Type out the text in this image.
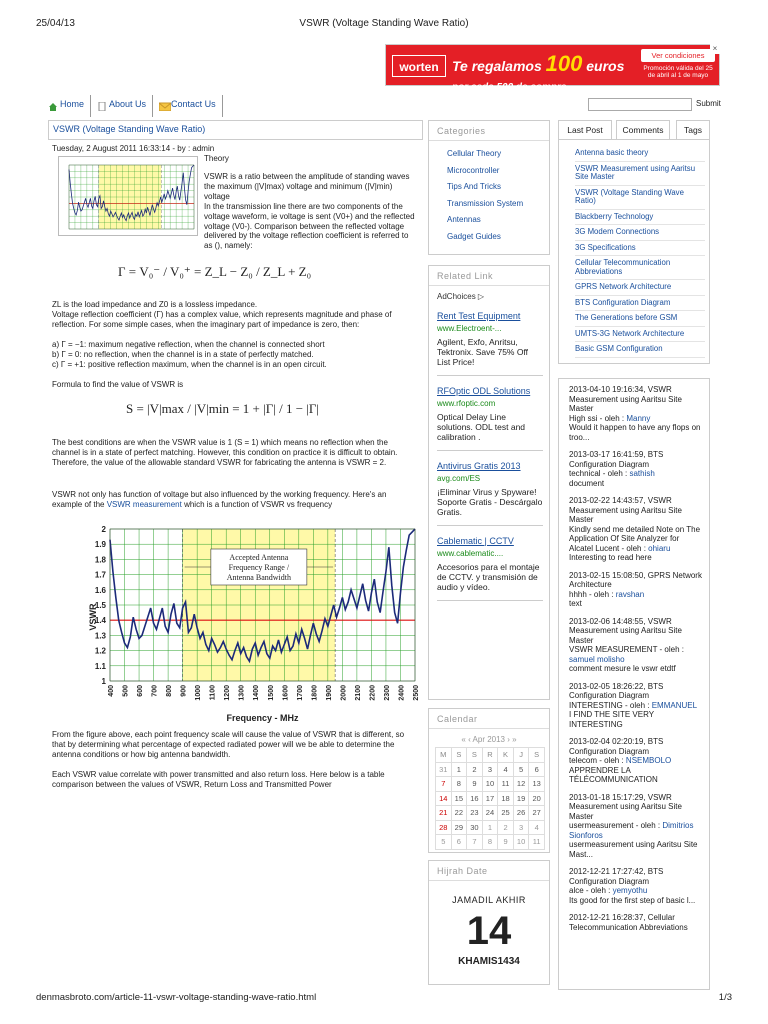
25/04/13	VSWR (Voltage Standing Wave Ratio)
worten Te regalamos 100 euros
por cada 500 de compra
Ver condiciones
Promoción válida del 25 de abril al 1 de mayo
×
Home	About Us	Contact Us	Submit
VSWR (Voltage Standing Wave Ratio)
Tuesday, 2 August 2011 16:33:14 - by : admin
Theory
VSWR is a ratio between the amplitude of standing waves the maximum (|V|max) voltage and minimum (|V|min) voltage
In the transmission line there are two components of the voltage waveform, ie voltage is sent (V0+) and the reflected voltage (V0-). Comparison between the reflected voltage delivered by the voltage reflection coefficient is referred to as (), namely:
Γ = V₀⁻ / V₀⁺ = Z_L − Z₀ / Z_L + Z₀
ZL is the load impedance and Z0 is a lossless impedance.
Voltage reflection coefficient (Γ) has a complex value, which represents magnitude and phase of reflection. For some simple cases, when the imaginary part of impedance is zero, then:
a) Γ = −1: maximum negative reflection, when the channel is connected short
b) Γ = 0: no reflection, when the channel is in a state of perfectly matched.
c) Γ = +1: positive reflection maximum, when the channel is in an open circuit.
Formula to find the value of VSWR is
S = |V|max / |V|min = 1 + |Γ| / 1 − |Γ|
The best conditions are when the VSWR value is 1 (S = 1) which means no reflection when the channel is in a state of perfect matching. However, this condition on practice it is difficult to obtain. Therefore, the value of the allowable standard VSWR for fabricating the antenna is VSWR = 2.
VSWR not only has function of voltage but also influenced by the working frequency. Here's an example of the VSWR measurement which is a function of VSWR vs frequency
1
1.1
1.2
1.3
1.4
1.5
1.6
1.7
1.8
1.9
2
400 500 600 700 800 900 1000 1100 1200 1300 1400 1500 1600 1700 1800 1900 2000 2100 2200 2300 2400 2500
Frequency - MHz
VSWR
Accepted Antenna
Frequency Range /
Antenna Bandwidth
From the figure above, each point frequency scale will cause the value of VSWR that is different, so that by determining what percentage of expected radiated power will we be able to determine the antenna conditions or how big antenna bandwidth.
Each VSWR value correlate with power transmitted and also return loss. Here below is a table comparison between the values of VSWR, Return Loss and Transmitted Power
Categories
Cellular Theory
Microcontroller
Tips And Tricks
Transmission System
Antennas
Gadget Guides
Related Link
AdChoices ▷
Rent Test Equipment
www.Electroent-...
Agilent, Exfo, Anritsu, Tektronix. Save 75% Off List Price!
RFOptic ODL Solutions
www.rfoptic.com
Optical Delay Line solutions. ODL test and calibration .
Antivirus Gratis 2013
avg.com/ES
¡Eliminar Virus y Spyware! Soporte Gratis - Descárgalo Gratis.
Cablematic | CCTV
www.cablematic....
Accesorios para el montaje de CCTV. y transmisión de audio y vídeo.
Calendar
« ‹ Apr 2013 › »
M	S	S	R	K	J	S
31	1	2	3	4	5	6
7	8	9	10	11	12	13
14	15	16	17	18	19	20
21	22	23	24	25	26	27
28	29	30	1	2	3	4
5	6	7	8	9	10	11
Hijrah Date
JAMADIL AKHIR
14
KHAMIS1434
Last Post	Comments	Tags
Antenna basic theory
VSWR Measurement using Aaritsu Site Master
VSWR (Voltage Standing Wave Ratio)
Blackberry Technology
3G Modem Connections
3G Specifications
Cellular Telecommunication Abbreviations
GPRS Network Architecture
BTS Configuration Diagram
The Generations before GSM
UMTS-3G Network Architecture
Basic GSM Configuration
2013-04-10 19:16:34, VSWR Measurement using Aaritsu Site Master
High ssi - oleh : Manny
Would it happen to have any flops on troo...
2013-03-17 16:41:59, BTS Configuration Diagram
technical - oleh : sathish
document
2013-02-22 14:43:57, VSWR Measurement using Aaritsu Site Master
Kindly send me detailed Note on The Application Of Site Analyzer for Alcatel Lucent - oleh : ohiaru
Interesting to read here
2013-02-15 15:08:50, GPRS Network Architecture
hhhh - oleh : ravshan
text
2013-02-06 14:48:55, VSWR Measurement using Aaritsu Site Master
VSWR MEASUREMENT - oleh : samuel molisho
comment mesure le vswr etdtf
2013-02-05 18:26:22, BTS Configuration Diagram
INTERESTING - oleh : EMMANUEL
I FIND THE SITE VERY INTERESTING
2013-02-04 02:20:19, BTS Configuration Diagram
telecom - oleh : NSEMBOLO
APPRENDRE LA TÉLÉCOMMUNICATION
2013-01-18 15:17:29, VSWR Measurement using Aaritsu Site Master
usermeasurement - oleh : Dimitrios Sionforos
usermeasurement using Aaritsu Site Mast...
2012-12-21 17:27:42, BTS Configuration Diagram
alce - oleh : yemyothu
Its good for the first step of basic l...
2012-12-21 16:28:37, Cellular Telecommunication Abbreviations
denmasbroto.com/article-11-vswr-voltage-standing-wave-ratio.html	1/3
